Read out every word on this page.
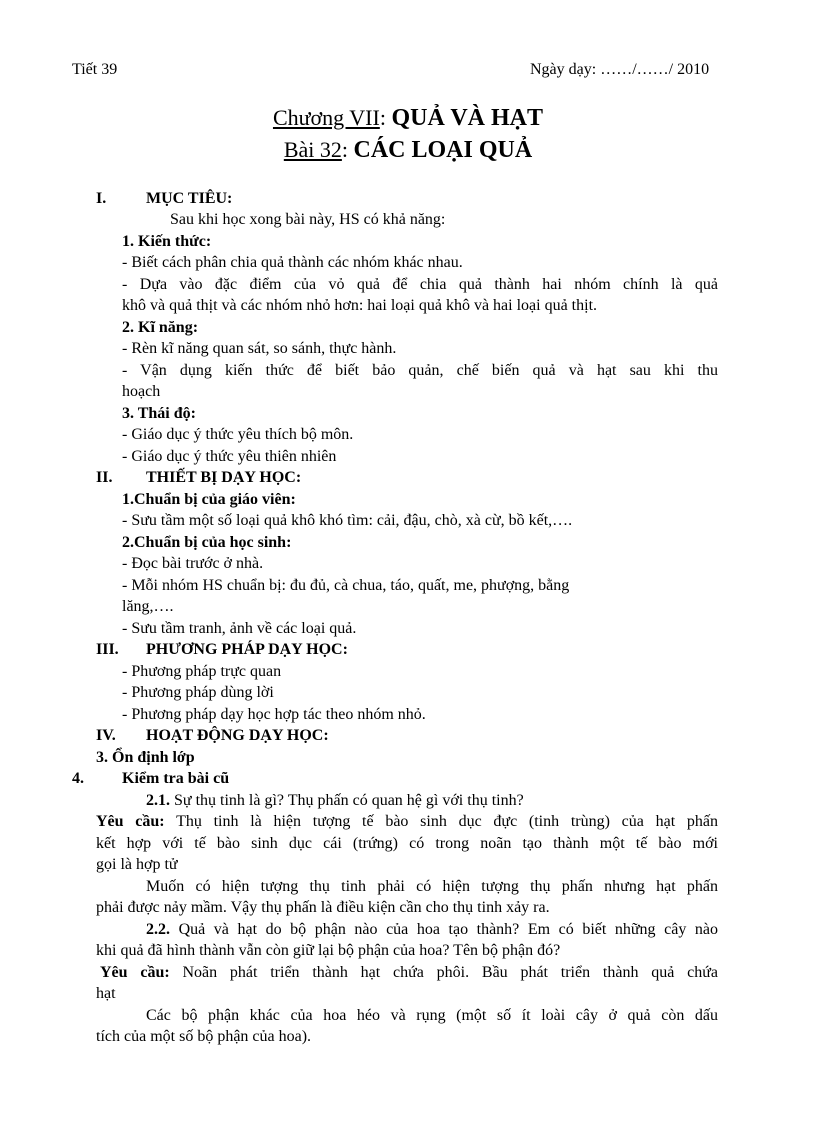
Tiết 39	Ngày dạy: ……/……/ 2010
Chương VII: QUẢ VÀ HẠT
Bài 32: CÁC LOẠI QUẢ
I. MỤC TIÊU:
Sau khi học xong bài này, HS có khả năng:
1. Kiến thức:
- Biết cách phân chia quả thành các nhóm khác nhau.
- Dựa vào đặc điểm của vỏ quả để chia quả thành hai nhóm chính là quả
khô và quả thịt và các nhóm nhỏ hơn: hai loại quả khô và hai loại quả thịt.
2. Kĩ năng:
- Rèn kĩ năng quan sát, so sánh, thực hành.
- Vận dụng kiến thức để biết bảo quản, chế biến quả và hạt sau khi thu
hoạch
3. Thái độ:
- Giáo dục ý thức yêu thích bộ môn.
- Giáo dục ý thức yêu thiên nhiên
II. THIẾT BỊ DẠY HỌC:
1.Chuẩn bị của giáo viên:
- Sưu tầm một số loại quả khô khó tìm: cải, đậu, chò, xà cừ, bồ kết,….
2.Chuẩn bị của học sinh:
- Đọc bài trước ở nhà.
- Mỗi nhóm HS chuẩn bị: đu đủ, cà chua, táo, quất, me, phượng, bằng
lăng,….
- Sưu tầm tranh, ảnh về các loại quả.
III. PHƯƠNG PHÁP DẠY HỌC:
- Phương pháp trực quan
- Phương pháp dùng lời
- Phương pháp dạy học hợp tác theo nhóm nhỏ.
IV. HOẠT ĐỘNG DẠY HỌC:
3. Ổn định lớp
4. Kiểm tra bài cũ
2.1. Sự thụ tinh là gì? Thụ phấn có quan hệ gì với thụ tinh?
Yêu cầu: Thụ tinh là hiện tượng tế bào sinh dục đực (tinh trùng) của hạt phấn
kết hợp với tế bào sinh dục cái (trứng) có trong noãn tạo thành một tế bào mới
gọi là hợp tử
Muốn có hiện tượng thụ tinh phải có hiện tượng thụ phấn nhưng hạt phấn
phải được nảy mầm. Vậy thụ phấn là điều kiện cần cho thụ tinh xảy ra.
2.2. Quả và hạt do bộ phận nào của hoa tạo thành? Em có biết những cây nào
khi quả đã hình thành vẫn còn giữ lại bộ phận của hoa? Tên bộ phận đó?
Yêu cầu: Noãn phát triển thành hạt chứa phôi. Bầu phát triển thành quả chứa
hạt
Các bộ phận khác của hoa héo và rụng (một số ít loài cây ở quả còn dấu
tích của một số bộ phận của hoa).
